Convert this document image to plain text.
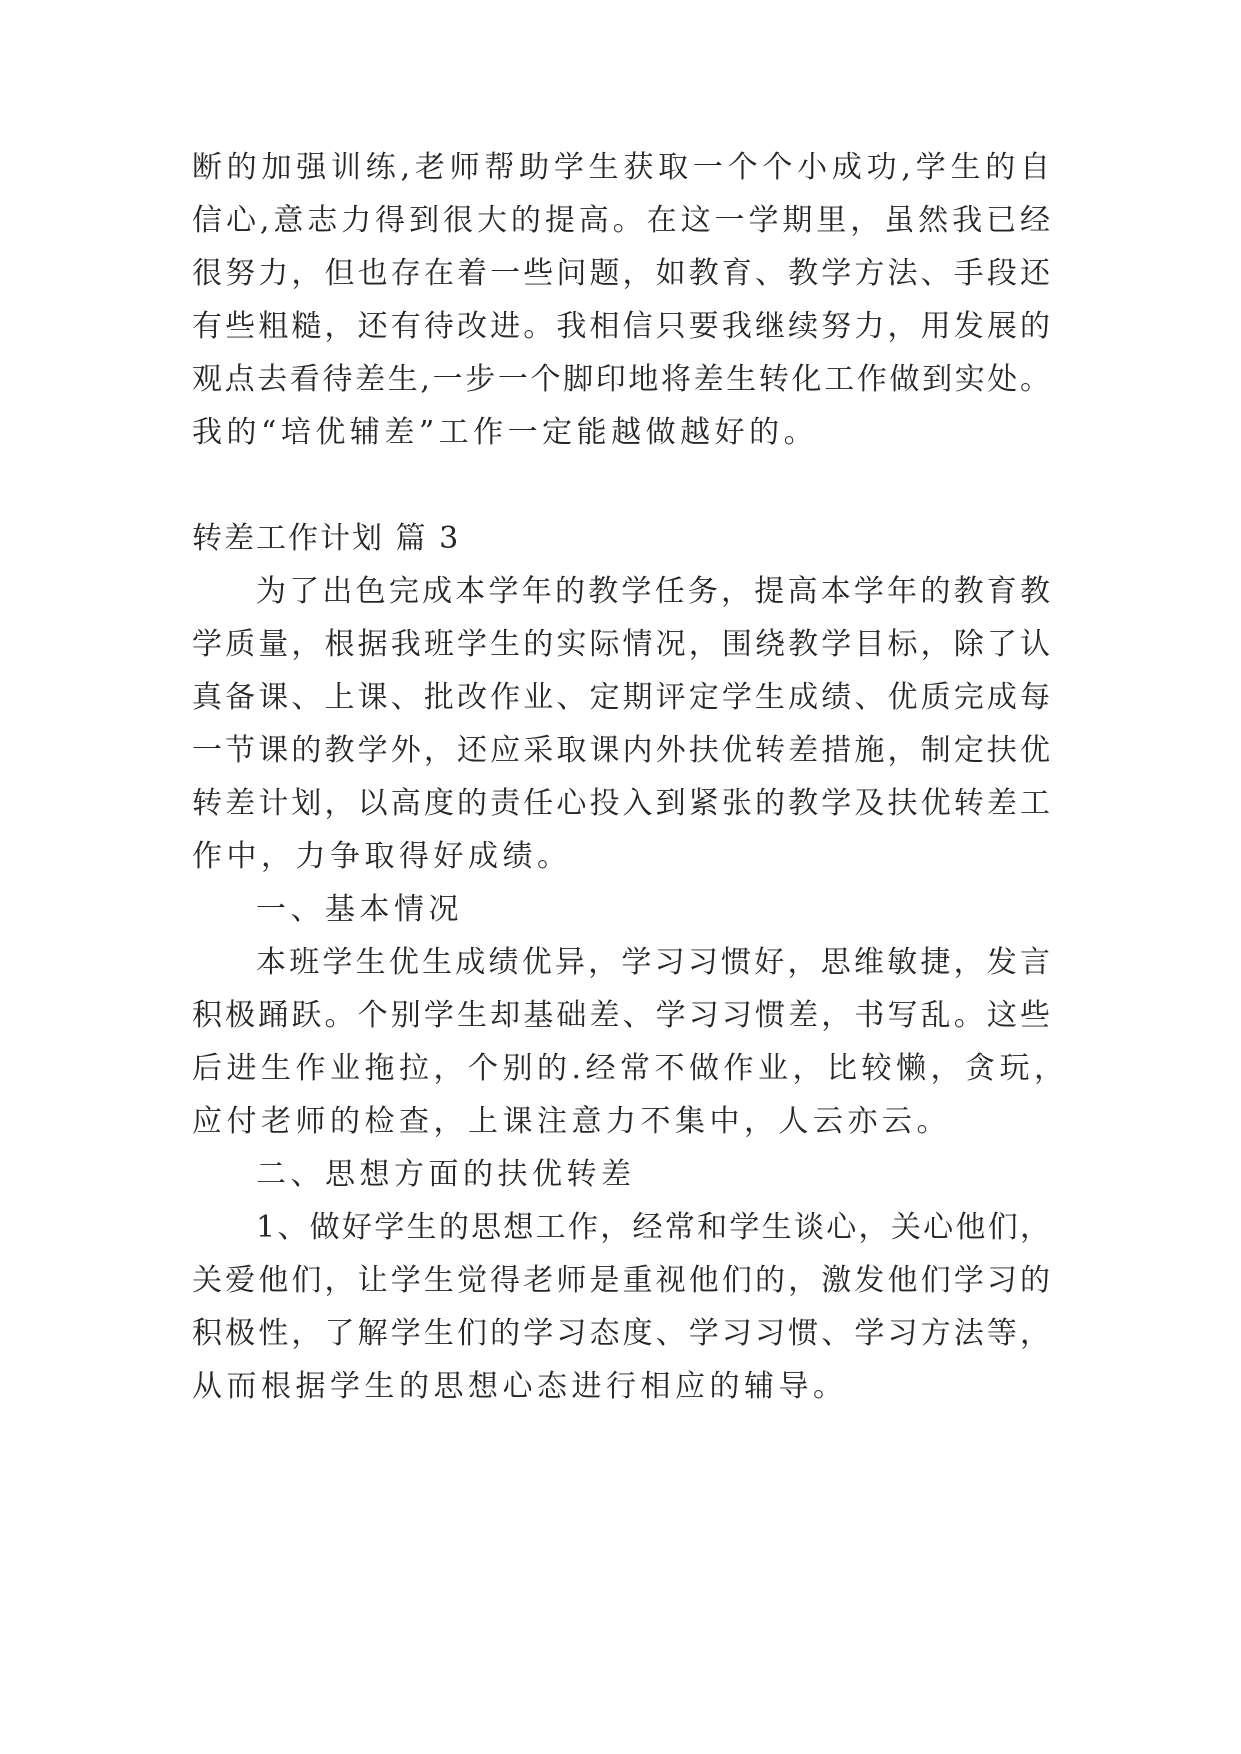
断的加强训练,老师帮助学生获取一个个小成功,学生的自
信心,意志力得到很大的提高。在这一学期里，虽然我已经
很努力，但也存在着一些问题，如教育、教学方法、手段还
有些粗糙，还有待改进。我相信只要我继续努力，用发展的
观点去看待差生,一步一个脚印地将差生转化工作做到实处。
我的“培优辅差”工作一定能越做越好的。
转差工作计划 篇 3
为了出色完成本学年的教学任务，提高本学年的教育教
学质量，根据我班学生的实际情况，围绕教学目标，除了认
真备课、上课、批改作业、定期评定学生成绩、优质完成每
一节课的教学外，还应采取课内外扶优转差措施，制定扶优
转差计划，以高度的责任心投入到紧张的教学及扶优转差工
作中，力争取得好成绩。
一、基本情况
本班学生优生成绩优异，学习习惯好，思维敏捷，发言
积极踊跃。个别学生却基础差、学习习惯差，书写乱。这些
后进生作业拖拉，个别的.经常不做作业，比较懒，贪玩，
应付老师的检查，上课注意力不集中，人云亦云。
二、思想方面的扶优转差
1、做好学生的思想工作，经常和学生谈心，关心他们，
关爱他们，让学生觉得老师是重视他们的，激发他们学习的
积极性，了解学生们的学习态度、学习习惯、学习方法等，
从而根据学生的思想心态进行相应的辅导。
